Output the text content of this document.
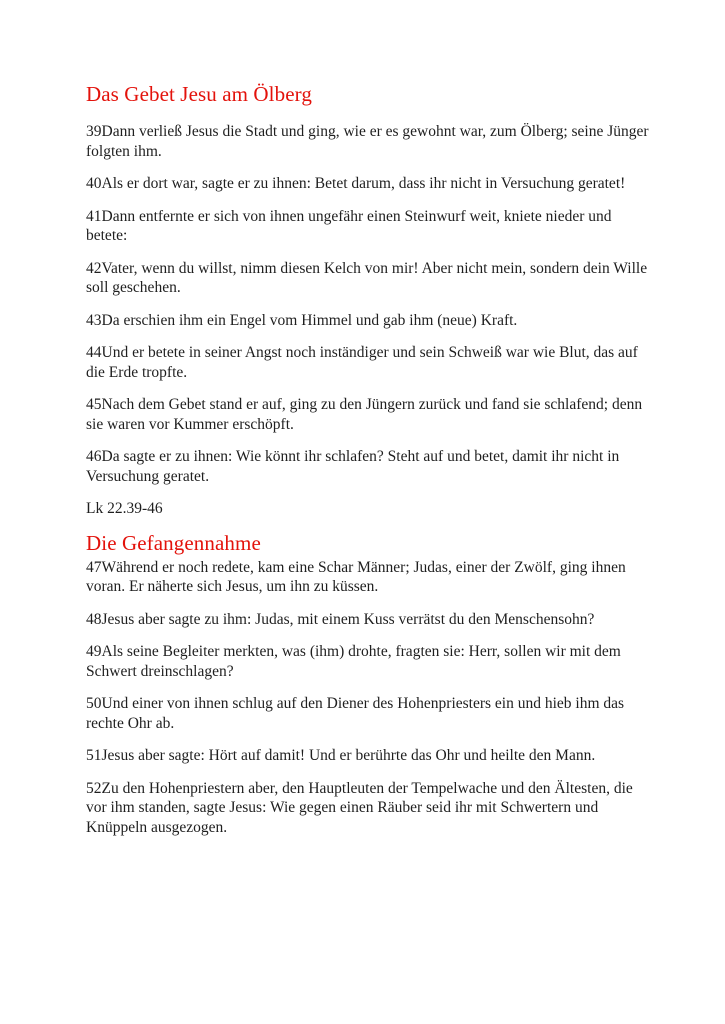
Das Gebet Jesu am Ölberg

39Dann verließ Jesus die Stadt und ging, wie er es gewohnt war, zum Ölberg; seine Jünger folgten ihm.

40Als er dort war, sagte er zu ihnen: Betet darum, dass ihr nicht in Versuchung geratet!

41Dann entfernte er sich von ihnen ungefähr einen Steinwurf weit, kniete nieder und betete:

42Vater, wenn du willst, nimm diesen Kelch von mir! Aber nicht mein, sondern dein Wille soll geschehen.

43Da erschien ihm ein Engel vom Himmel und gab ihm (neue) Kraft.

44Und er betete in seiner Angst noch inständiger und sein Schweiß war wie Blut, das auf die Erde tropfte.

45Nach dem Gebet stand er auf, ging zu den Jüngern zurück und fand sie schlafend; denn sie waren vor Kummer erschöpft.

46Da sagte er zu ihnen: Wie könnt ihr schlafen? Steht auf und betet, damit ihr nicht in Versuchung geratet.

Lk 22.39-46

Die Gefangennahme

47Während er noch redete, kam eine Schar Männer; Judas, einer der Zwölf, ging ihnen voran. Er näherte sich Jesus, um ihn zu küssen.

48Jesus aber sagte zu ihm: Judas, mit einem Kuss verrätst du den Menschensohn?

49Als seine Begleiter merkten, was (ihm) drohte, fragten sie: Herr, sollen wir mit dem Schwert dreinschlagen?

50Und einer von ihnen schlug auf den Diener des Hohenpriesters ein und hieb ihm das rechte Ohr ab.

51Jesus aber sagte: Hört auf damit! Und er berührte das Ohr und heilte den Mann.

52Zu den Hohenpriestern aber, den Hauptleuten der Tempelwache und den Ältesten, die vor ihm standen, sagte Jesus: Wie gegen einen Räuber seid ihr mit Schwertern und Knüppeln ausgezogen.
